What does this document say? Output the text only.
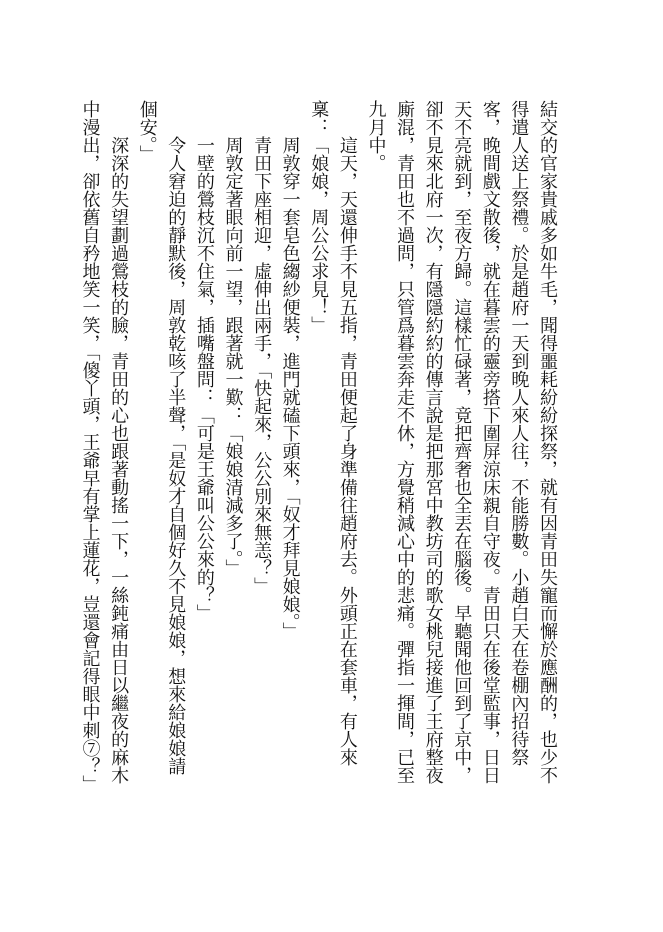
結交的官家貴戚多如牛毛，聞得噩耗紛紛探祭，就有因青田失寵而懈於應酬的，也少不
得遣人送上祭禮。於是趙府一天到晚人來人往，不能勝數。小趙白天在卷棚內招待祭
客，晚間戲文散後，就在暮雲的靈旁搭下圍屏涼床親自守夜。青田只在後堂監事，日日
天不亮就到，至夜方歸。這樣忙碌著，竟把齊奢也全丟在腦後。早聽聞他回到了京中，
卻不見來北府一次，有隱隱約約的傳言說是把那宮中教坊司的歌女桃兒接進了王府整夜
廝混，青田也不過問，只管爲暮雲奔走不休，方覺稍減心中的悲痛。彈指一揮間，已至
九月中。
　　這天，天還伸手不見五指，青田便起了身準備往趙府去。外頭正在套車，有人來
稟：「娘娘，周公公求見！」
　　周敦穿一套皂色縐紗便裝，進門就磕下頭來，「奴才拜見娘娘。」
　　青田下座相迎，虛伸出兩手，「快起來，公公別來無恙？」
　　周敦定著眼向前一望，跟著就一歎：「娘娘清減多了。」
　　一壁的鶯枝沉不住氣，插嘴盤問：「可是王爺叫公公來的？」
　　令人窘迫的靜默後，周敦乾咳了半聲，「是奴才自個好久不見娘娘，想來給娘娘請
個安。」
　　深深的失望劃過鶯枝的臉，青田的心也跟著動搖一下，一絲鈍痛由日以繼夜的麻木
中漫出，卻依舊自矜地笑一笑，「傻丫頭，王爺早有掌上蓮花，豈還會記得眼中刺⑦？」
